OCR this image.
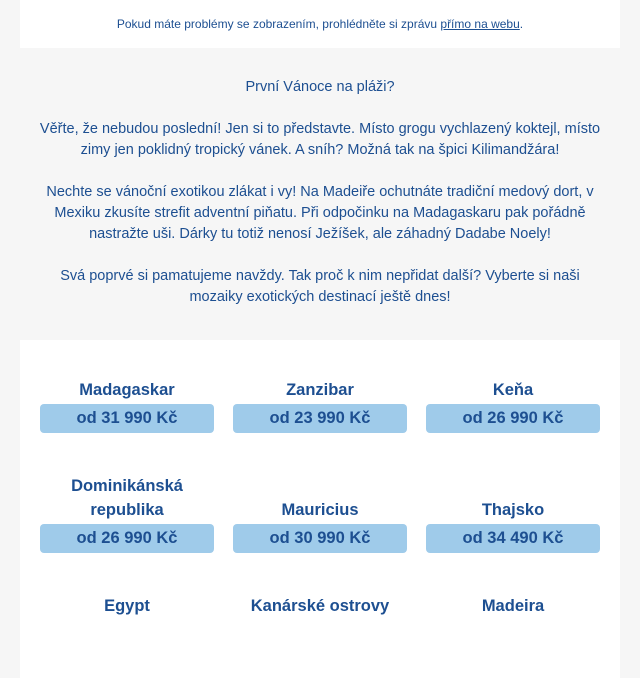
Pokud máte problémy se zobrazením, prohlédněte si zprávu přímo na webu.

První Vánoce na pláži?

Věřte, že nebudou poslední! Jen si to představte. Místo grogu vychlazený koktejl, místo zimy jen poklidný tropický vánek. A sníh? Možná tak na špici Kilimandžára!

Nechte se vánoční exotikou zlákat i vy! Na Madeiře ochutnáte tradiční medový dort, v Mexiku zkusíte strefit adventní piňatu. Při odpočinku na Madagaskaru pak pořádně nastražte uši. Dárky tu totiž nenosí Ježíšek, ale záhadný Dadabe Noely!

Svá poprvé si pamatujeme navždy. Tak proč k nim nepřidat další? Vyberte si naši mozaiky exotických destinací ještě dnes!

Madagaskar
od 31 990 Kč
Zanzibar
od 23 990 Kč
Keňa
od 26 990 Kč
Dominikánská republika
od 26 990 Kč
Mauricius
od 30 990 Kč
Thajsko
od 34 490 Kč
Egypt	Kanárské ostrovy	Madeira
